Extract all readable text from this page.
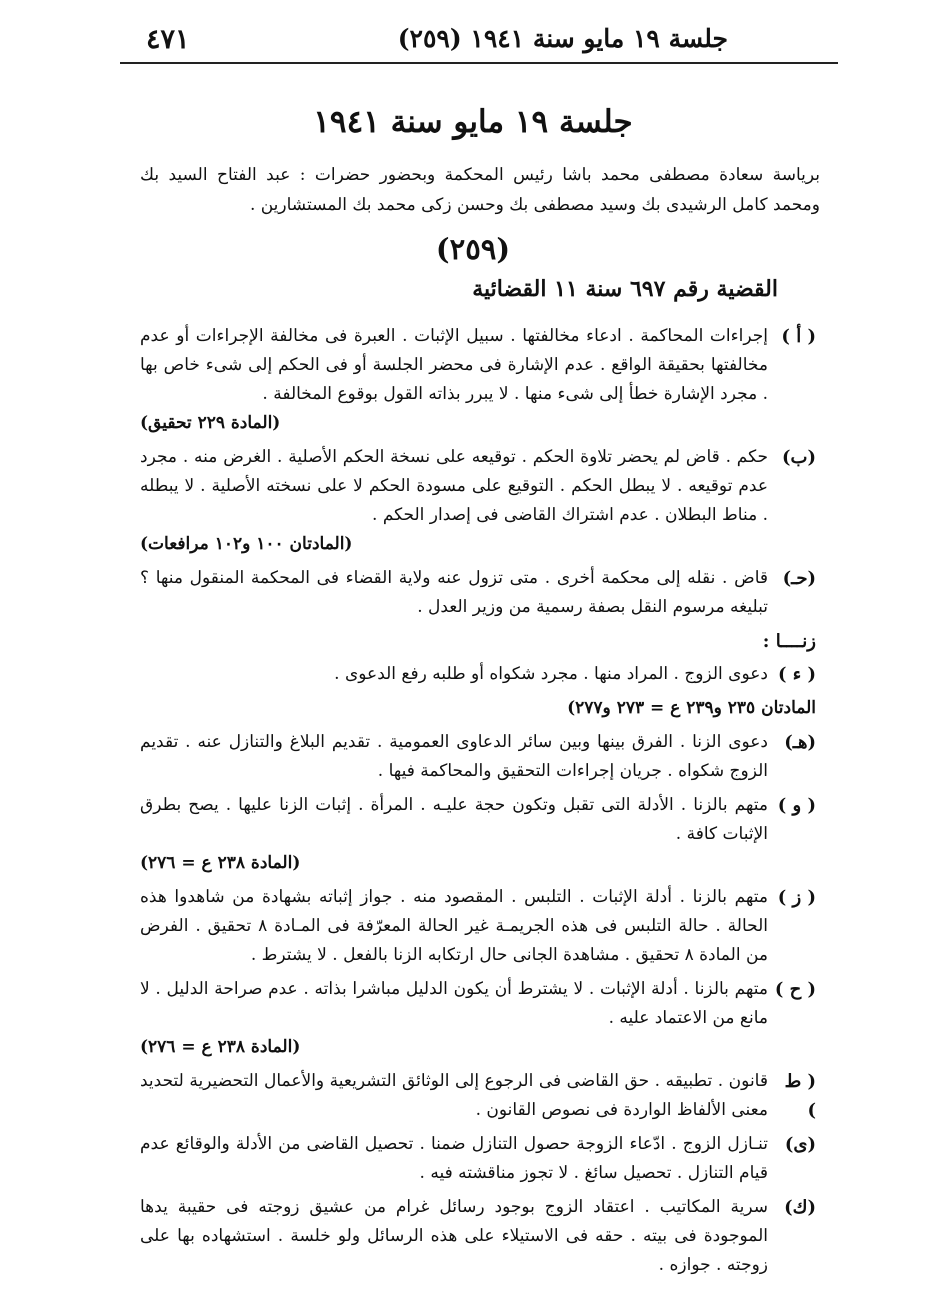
٤٧١	جلسة ١٩ مايو سنة ١٩٤١ (٢٥٩)
جلسة ١٩ مايو سنة ١٩٤١
برياسة سعادة مصطفى محمد باشا رئيس المحكمة وبحضور حضرات : عبد الفتاح السيد بك ومحمد كامل الرشيدى بك وسيد مصطفى بك وحسن زكى محمد بك المستشارين .
(٢٥٩)
القضية رقم ٦٩٧ سنة ١١ القضائية
( أ )
إجراءات المحاكمة . ادعاء مخالفتها . سبيل الإثبات . العبرة فى مخالفة الإجراءات أو عدم مخالفتها بحقيقة الواقع . عدم الإشارة فى محضر الجلسة أو فى الحكم إلى شىء خاص بها . مجرد الإشارة خطأ إلى شىء منها . لا يبرر بذاته القول بوقوع المخالفة .
(المادة ٢٢٩ تحقيق)
(ب)
حكم . قاض لم يحضر تلاوة الحكم . توقيعه على نسخة الحكم الأصلية . الغرض منه . مجرد عدم توقيعه . لا يبطل الحكم . التوقيع على مسودة الحكم لا على نسخته الأصلية . لا يبطله . مناط البطلان . عدم اشتراك القاضى فى إصدار الحكم .
(المادتان ١٠٠ و١٠٢ مرافعات)
(حـ)
قاض . نقله إلى محكمة أخرى . متى تزول عنه ولاية القضاء فى المحكمة المنقول منها ؟ تبليغه مرسوم النقل بصفة رسمية من وزير العدل .
زنــــا :
( ء )
دعوى الزوج . المراد منها . مجرد شكواه أو طلبه رفع الدعوى .
المادتان ٢٣٥ و٢٣٩ ع = ٢٧٣ و٢٧٧)
(هـ)
دعوى الزنا . الفرق بينها وبين سائر الدعاوى العمومية . تقديم البلاغ والتنازل عنه . تقديم الزوج شكواه . جريان إجراءات التحقيق والمحاكمة فيها .
( و )
متهم بالزنا . الأدلة التى تقبل وتكون حجة عليـه . المرأة . إثبات الزنا عليها . يصح بطرق الإثبات كافة .
(المادة ٢٣٨ ع = ٢٧٦)
( ز )
متهم بالزنا . أدلة الإثبات . التلبس . المقصود منه . جواز إثباته بشهادة من شاهدوا هذه الحالة . حالة التلبس فى هذه الجريمـة غير الحالة المعرّفة فى المـادة ٨ تحقيق . الفرض من المادة ٨ تحقيق . مشاهدة الجانى حال ارتكابه الزنا بالفعل . لا يشترط .
( ح )
متهم بالزنا . أدلة الإثبات . لا يشترط أن يكون الدليل مباشرا بذاته . عدم صراحة الدليل . لا مانع من الاعتماد عليه .
(المادة ٢٣٨ ع = ٢٧٦)
( ط )
قانون . تطبيقه . حق القاضى فى الرجوع إلى الوثائق التشريعية والأعمال التحضيرية لتحديد معنى الألفاظ الواردة فى نصوص القانون .
(ى)
تنـازل الزوج . ادّعاء الزوجة حصول التنازل ضمنا . تحصيل القاضى من الأدلة والوقائع عدم قيام التنازل . تحصيل سائغ . لا تجوز مناقشته فيه .
(ك)
سرية المكاتيب . اعتقاد الزوج بوجود رسائل غرام من عشيق زوجته فى حقيبة يدها الموجودة فى بيته . حقه فى الاستيلاء على هذه الرسائل ولو خلسة . استشهاده بها على زوجته . جوازه .
